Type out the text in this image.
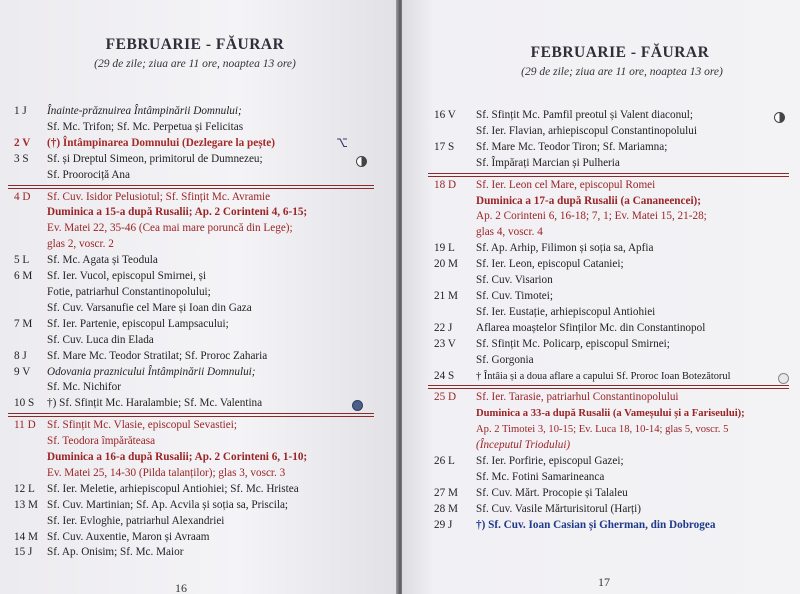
FEBRUARIE - FĂURAR
(29 de zile; ziua are 11 ore, noaptea 13 ore)
1 J	Înainte-prăznuirea Întâmpinării Domnului;
Sf. Mc. Trifon; Sf. Mc. Perpetua și Felicitas
2 V	(†) Întâmpinarea Domnului (Dezlegare la pește)	⌥
3 S	Sf. și Dreptul Simeon, primitorul de Dumnezeu;
Sf. Proorociță Ana
4 D	Sf. Cuv. Isidor Pelusiotul; Sf. Sfințit Mc. Avramie
Duminica a 15-a după Rusalii; Ap. 2 Corinteni 4, 6-15;
Ev. Matei 22, 35-46 (Cea mai mare poruncă din Lege);
glas 2, voscr. 2
5 L	Sf. Mc. Agata și Teodula
6 M	Sf. Ier. Vucol, episcopul Smirnei, și
Fotie, patriarhul Constantinopolului;
Sf. Cuv. Varsanufie cel Mare și Ioan din Gaza
7 M	Sf. Ier. Partenie, episcopul Lampsacului;
Sf. Cuv. Luca din Elada
8 J	Sf. Mare Mc. Teodor Stratilat; Sf. Proroc Zaharia
9 V	Odovania praznicului Întâmpinării Domnului;
Sf. Mc. Nichifor
10 S	†) Sf. Sfințit Mc. Haralambie; Sf. Mc. Valentina
11 D	Sf. Sfințit Mc. Vlasie, episcopul Sevastiei;
Sf. Teodora împărăteasa
Duminica a 16-a după Rusalii; Ap. 2 Corinteni 6, 1-10;
Ev. Matei 25, 14-30 (Pilda talanților); glas 3, voscr. 3
12 L	Sf. Ier. Meletie, arhiepiscopul Antiohiei; Sf. Mc. Hristea
13 M Sf. Cuv. Martinian; Sf. Ap. Acvila și soția sa, Priscila;
Sf. Ier. Evloghie, patriarhul Alexandriei
14 M Sf. Cuv. Auxentie, Maron și Avraam
15 J	Sf. Ap. Onisim; Sf. Mc. Maior
16
FEBRUARIE - FĂURAR
(29 de zile; ziua are 11 ore, noaptea 13 ore)
16 V	Sf. Sfințit Mc. Pamfil preotul și Valent diaconul;
Sf. Ier. Flavian, arhiepiscopul Constantinopolului
17 S	Sf. Mare Mc. Teodor Tiron; Sf. Mariamna;
Sf. Împărați Marcian și Pulheria
18 D	Sf. Ier. Leon cel Mare, episcopul Romei
Duminica a 17-a după Rusalii (a Cananeencei);
Ap. 2 Corinteni 6, 16-18; 7, 1; Ev. Matei 15, 21-28;
glas 4, voscr. 4
19 L	Sf. Ap. Arhip, Filimon și soția sa, Apfia
20 M	Sf. Ier. Leon, episcopul Cataniei;
Sf. Cuv. Visarion
21 M	Sf. Cuv. Timotei;
Sf. Ier. Eustație, arhiepiscopul Antiohiei
22 J	Aflarea moaștelor Sfinților Mc. din Constantinopol
23 V	Sf. Sfințit Mc. Policarp, episcopul Smirnei;
Sf. Gorgonia
24 S	† Întâia și a doua aflare a capului Sf. Proroc Ioan Botezătorul
25 D	Sf. Ier. Tarasie, patriarhul Constantinopolului
Duminica a 33-a după Rusalii (a Vameșului și a Fariseului);
Ap. 2 Timotei 3, 10-15; Ev. Luca 18, 10-14; glas 5, voscr. 5
(Începutul Triodului)
26 L	Sf. Ier. Porfirie, episcopul Gazei;
Sf. Mc. Fotini Samarineanca
27 M	Sf. Cuv. Mărt. Procopie și Talaleu
28 M	Sf. Cuv. Vasile Mărturisitorul (Harți)
29 J	†) Sf. Cuv. Ioan Casian și Gherman, din Dobrogea
17
